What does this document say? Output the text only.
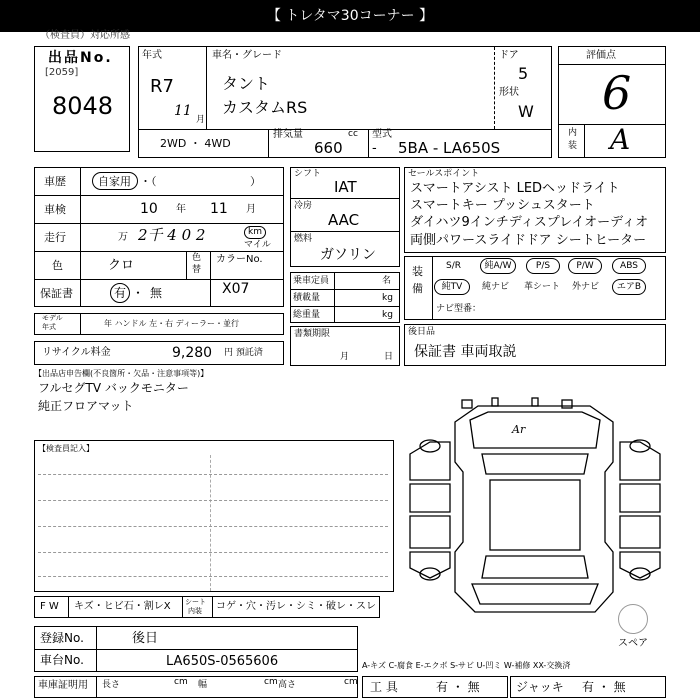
【 トレタマ30コーナー 】
（検査員）対応所感
出品No.
[2059]
8048
年式
R7
11
月
車名・グレード
タント
カスタムRS
ドア
5
形状
W
2WD ・ 4WD
排気量	cc
660
型式
- 5BA - LA650S
評価点
6
内
装 A
車歴	自家用 ・（	）
車検	10 年 11 月
走行	万 2千 4 0 2	km
マイル
色	クロ	色
替
カラーNo.
X07
保証書	有 ・ 無
モデル
年式	年 ハンドル 左・右 ディーラー・並行
リサイクル料金	9,280 円 預託済
シフト
IAT
冷房
AAC
燃料
ガソリン
乗車定員	名
積載量	kg
総重量	kg
書類期限
月	日
セールスポイント
スマートアシスト LEDヘッドライト
スマートキー プッシュスタート
ダイハツ9インチディスプレイオーディオ
両側パワースライドドア シートヒーター
装
備
S/R	純A/W	P/S	P/W	ABS
純TV	純ナビ 革シート 外ナビ	エアB
ナビ型番：
後日品
保証書 車両取説
【出品店申告欄(不良箇所・欠品・注意事項等)】
フルセグTV バックモニター
純正フロアマット
【検査員記入】
Ar
スペア
F W キズ・ヒビ石・割レX シート
内装 コゲ・穴・汚レ・シミ・破レ・スレ
登録No.	後日
車台No.	LA650S-0565606
車庫証明用 長さ	cm 幅	cm 高さ	cm
A-キズ C-腐食 E-エクボ S-サビ U-凹ミ W-補修 XX-交換済
工 具	有 ・ 無	ジャッキ 有 ・ 無
